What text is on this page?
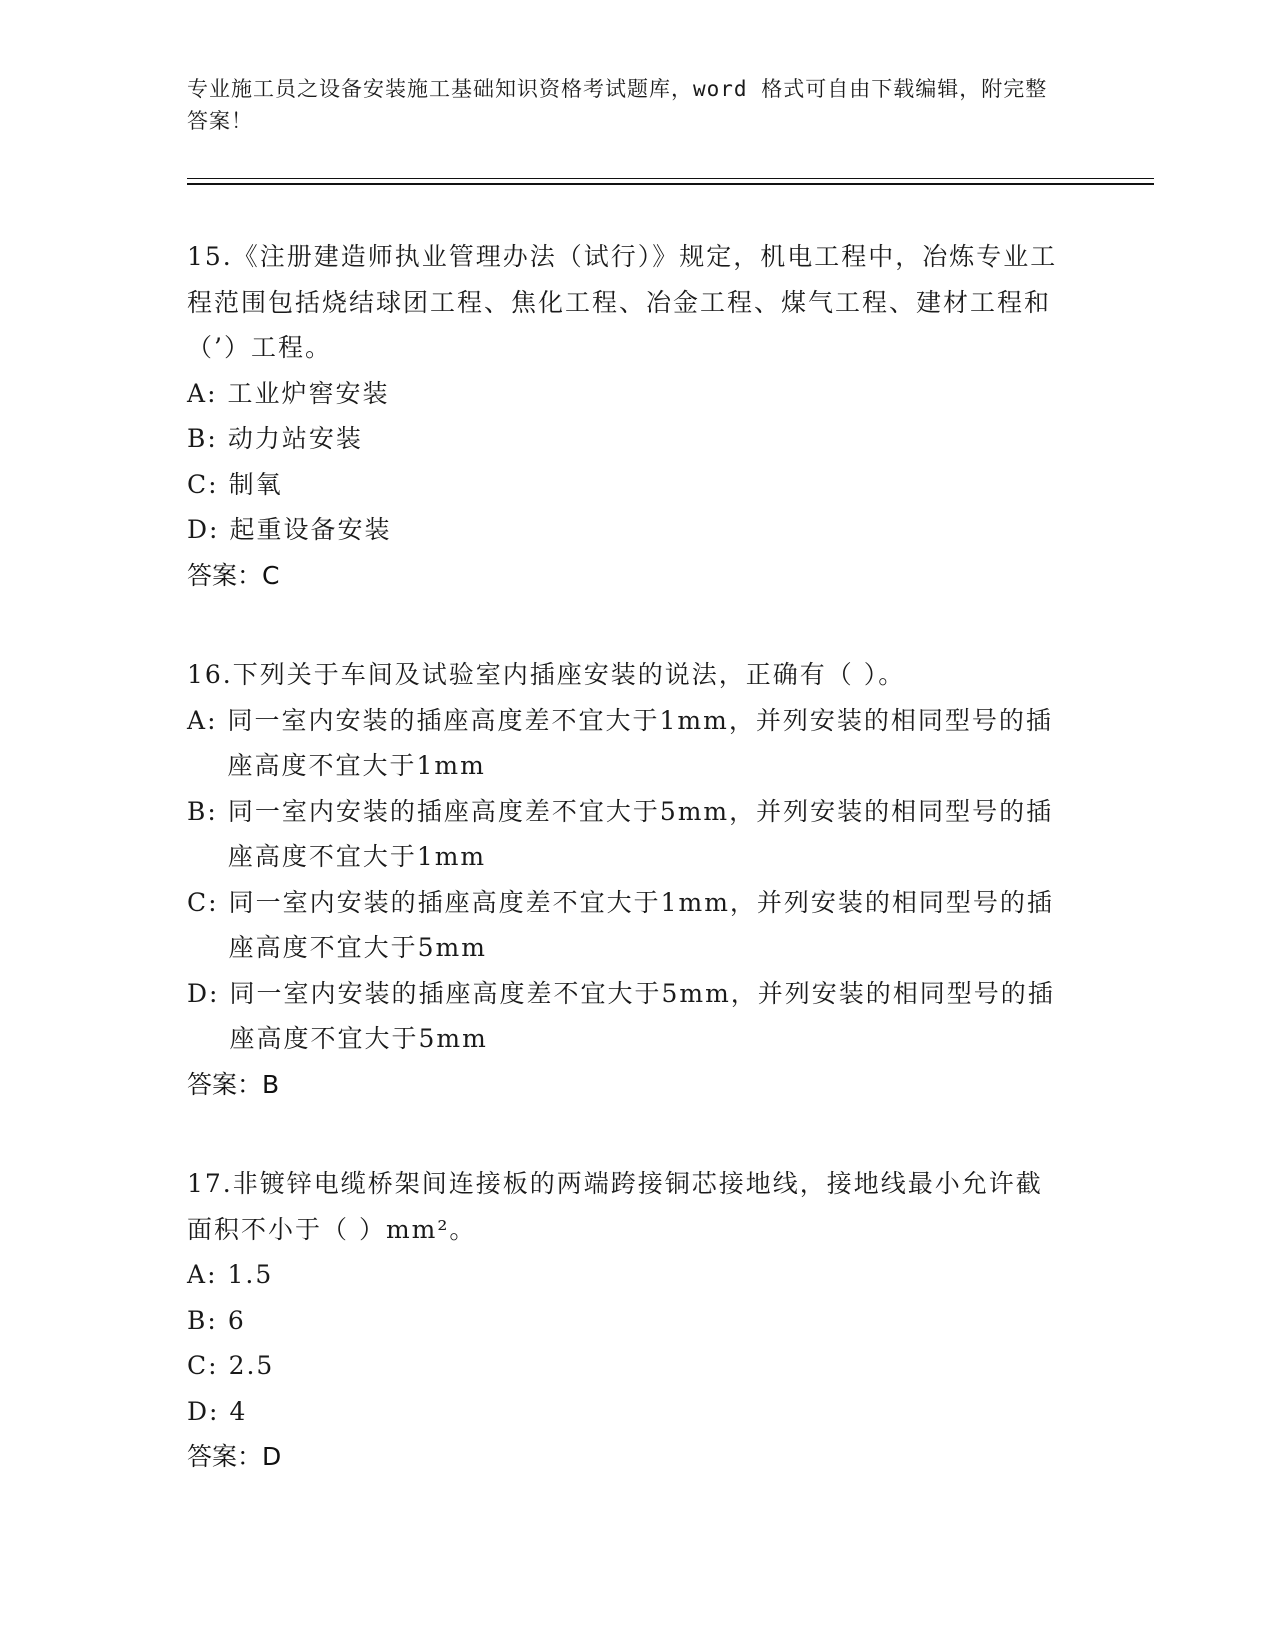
专业施工员之设备安装施工基础知识资格考试题库，word 格式可自由下载编辑，附完整答案！

15.《注册建造师执业管理办法（试行）》规定，机电工程中，冶炼专业工程范围包括烧结球团工程、焦化工程、冶金工程、煤气工程、建材工程和（’）工程。

A : 工业炉窖安装
B : 动力站安装
C : 制氧
D : 起重设备安装

答案：C

16.下列关于车间及试验室内插座安装的说法，正确有（ ）。

A : 同一室内安装的插座高度差不宜大于1mm，并列安装的相同型号的插座高度不宜大于1mm
B : 同一室内安装的插座高度差不宜大于5mm，并列安装的相同型号的插座高度不宜大于1mm
C : 同一室内安装的插座高度差不宜大于1mm，并列安装的相同型号的插座高度不宜大于5mm
D : 同一室内安装的插座高度差不宜大于5mm，并列安装的相同型号的插座高度不宜大于5mm

答案：B

17.非镀锌电缆桥架间连接板的两端跨接铜芯接地线，接地线最小允许截面积不小于（ ）mm²。

A : 1.5
B : 6
C : 2.5
D : 4

答案：D
